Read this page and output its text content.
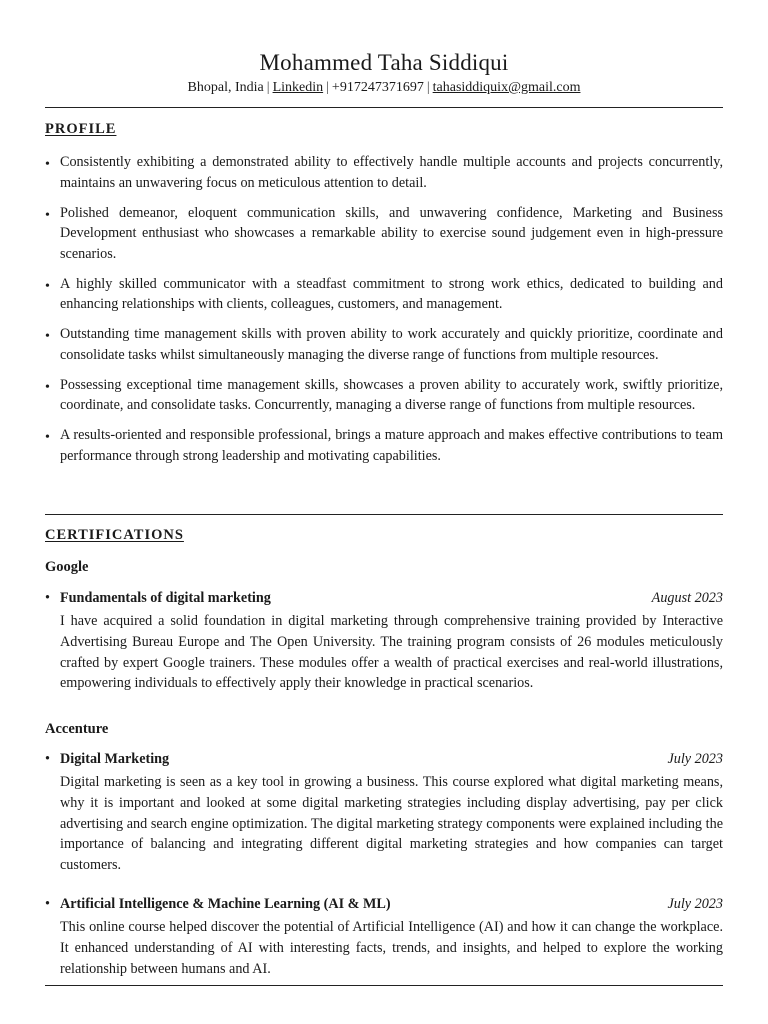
Mohammed Taha Siddiqui
Bhopal, India | Linkedin | +917247371697 | tahasiddiquix@gmail.com
PROFILE
• Consistently exhibiting a demonstrated ability to effectively handle multiple accounts and projects concurrently, maintains an unwavering focus on meticulous attention to detail.
• Polished demeanor, eloquent communication skills, and unwavering confidence, Marketing and Business Development enthusiast who showcases a remarkable ability to exercise sound judgement even in high-pressure scenarios.
• A highly skilled communicator with a steadfast commitment to strong work ethics, dedicated to building and enhancing relationships with clients, colleagues, customers, and management.
• Outstanding time management skills with proven ability to work accurately and quickly prioritize, coordinate and consolidate tasks whilst simultaneously managing the diverse range of functions from multiple resources.
• Possessing exceptional time management skills, showcases a proven ability to accurately work, swiftly prioritize, coordinate, and consolidate tasks. Concurrently, managing a diverse range of functions from multiple resources.
• A results-oriented and responsible professional, brings a mature approach and makes effective contributions to team performance through strong leadership and motivating capabilities.
CERTIFICATIONS
Google
• Fundamentals of digital marketing	August 2023
I have acquired a solid foundation in digital marketing through comprehensive training provided by Interactive Advertising Bureau Europe and The Open University. The training program consists of 26 modules meticulously crafted by expert Google trainers. These modules offer a wealth of practical exercises and real-world illustrations, empowering individuals to effectively apply their knowledge in practical scenarios.
Accenture
• Digital Marketing	July 2023
Digital marketing is seen as a key tool in growing a business. This course explored what digital marketing means, why it is important and looked at some digital marketing strategies including display advertising, pay per click advertising and search engine optimization. The digital marketing strategy components were explained including the importance of balancing and integrating different digital marketing strategies and how companies can target customers.
• Artificial Intelligence & Machine Learning (AI & ML)	July 2023
This online course helped discover the potential of Artificial Intelligence (AI) and how it can change the workplace. It enhanced understanding of AI with interesting facts, trends, and insights, and helped to explore the working relationship between humans and AI.
